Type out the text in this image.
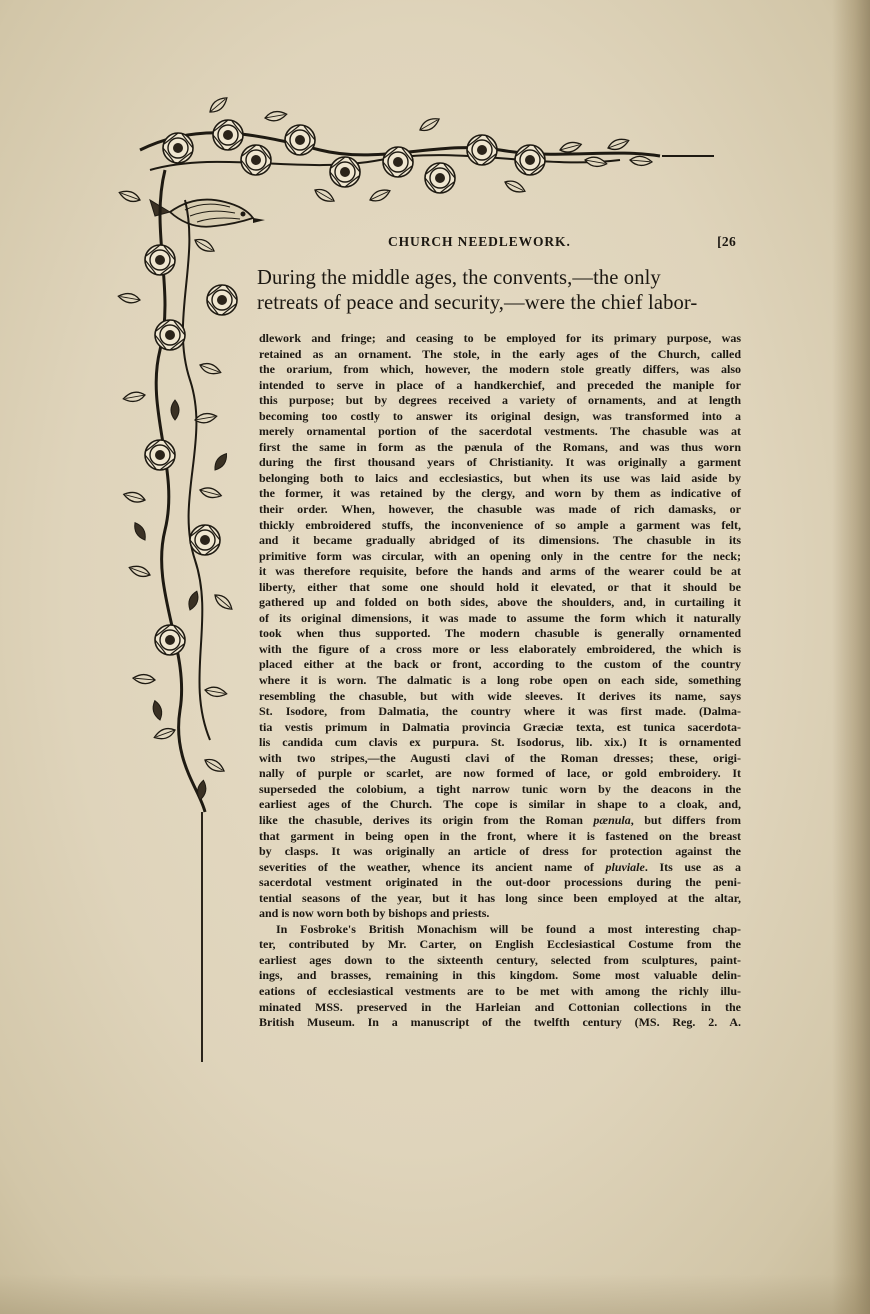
CHURCH NEEDLEWORK.	[26
During the middle ages, the convents,—the only
retreats of peace and security,—were the chief labor-
dlework and fringe; and ceasing to be employed for its primary purpose, was
retained as an ornament. The stole, in the early ages of the Church, called
the orarium, from which, however, the modern stole greatly differs, was also
intended to serve in place of a handkerchief, and preceded the maniple for
this purpose; but by degrees received a variety of ornaments, and at length
becoming too costly to answer its original design, was transformed into a
merely ornamental portion of the sacerdotal vestments. The chasuble was at
first the same in form as the pænula of the Romans, and was thus worn
during the first thousand years of Christianity. It was originally a garment
belonging both to laics and ecclesiastics, but when its use was laid aside by
the former, it was retained by the clergy, and worn by them as indicative of
their order. When, however, the chasuble was made of rich damasks, or
thickly embroidered stuffs, the inconvenience of so ample a garment was felt,
and it became gradually abridged of its dimensions. The chasuble in its
primitive form was circular, with an opening only in the centre for the neck;
it was therefore requisite, before the hands and arms of the wearer could be at
liberty, either that some one should hold it elevated, or that it should be
gathered up and folded on both sides, above the shoulders, and, in curtailing it
of its original dimensions, it was made to assume the form which it naturally
took when thus supported. The modern chasuble is generally ornamented
with the figure of a cross more or less elaborately embroidered, the which is
placed either at the back or front, according to the custom of the country
where it is worn. The dalmatic is a long robe open on each side, something
resembling the chasuble, but with wide sleeves. It derives its name, says
St. Isodore, from Dalmatia, the country where it was first made. (Dalma-
tia vestis primum in Dalmatia provincia Græciæ texta, est tunica sacerdota-
lis candida cum clavis ex purpura. St. Isodorus, lib. xix.) It is ornamented
with two stripes,—the Augusti clavi of the Roman dresses; these, origi-
nally of purple or scarlet, are now formed of lace, or gold embroidery. It
superseded the colobium, a tight narrow tunic worn by the deacons in the
earliest ages of the Church. The cope is similar in shape to a cloak, and,
like the chasuble, derives its origin from the Roman pænula, but differs from
that garment in being open in the front, where it is fastened on the breast
by clasps. It was originally an article of dress for protection against the
severities of the weather, whence its ancient name of pluviale. Its use as a
sacerdotal vestment originated in the out-door processions during the peni-
tential seasons of the year, but it has long since been employed at the altar,
and is now worn both by bishops and priests.
In Fosbroke's British Monachism will be found a most interesting chap-
ter, contributed by Mr. Carter, on English Ecclesiastical Costume from the
earliest ages down to the sixteenth century, selected from sculptures, paint-
ings, and brasses, remaining in this kingdom. Some most valuable delin-
eations of ecclesiastical vestments are to be met with among the richly illu-
minated MSS. preserved in the Harleian and Cottonian collections in the
British Museum. In a manuscript of the twelfth century (MS. Reg. 2. A.
